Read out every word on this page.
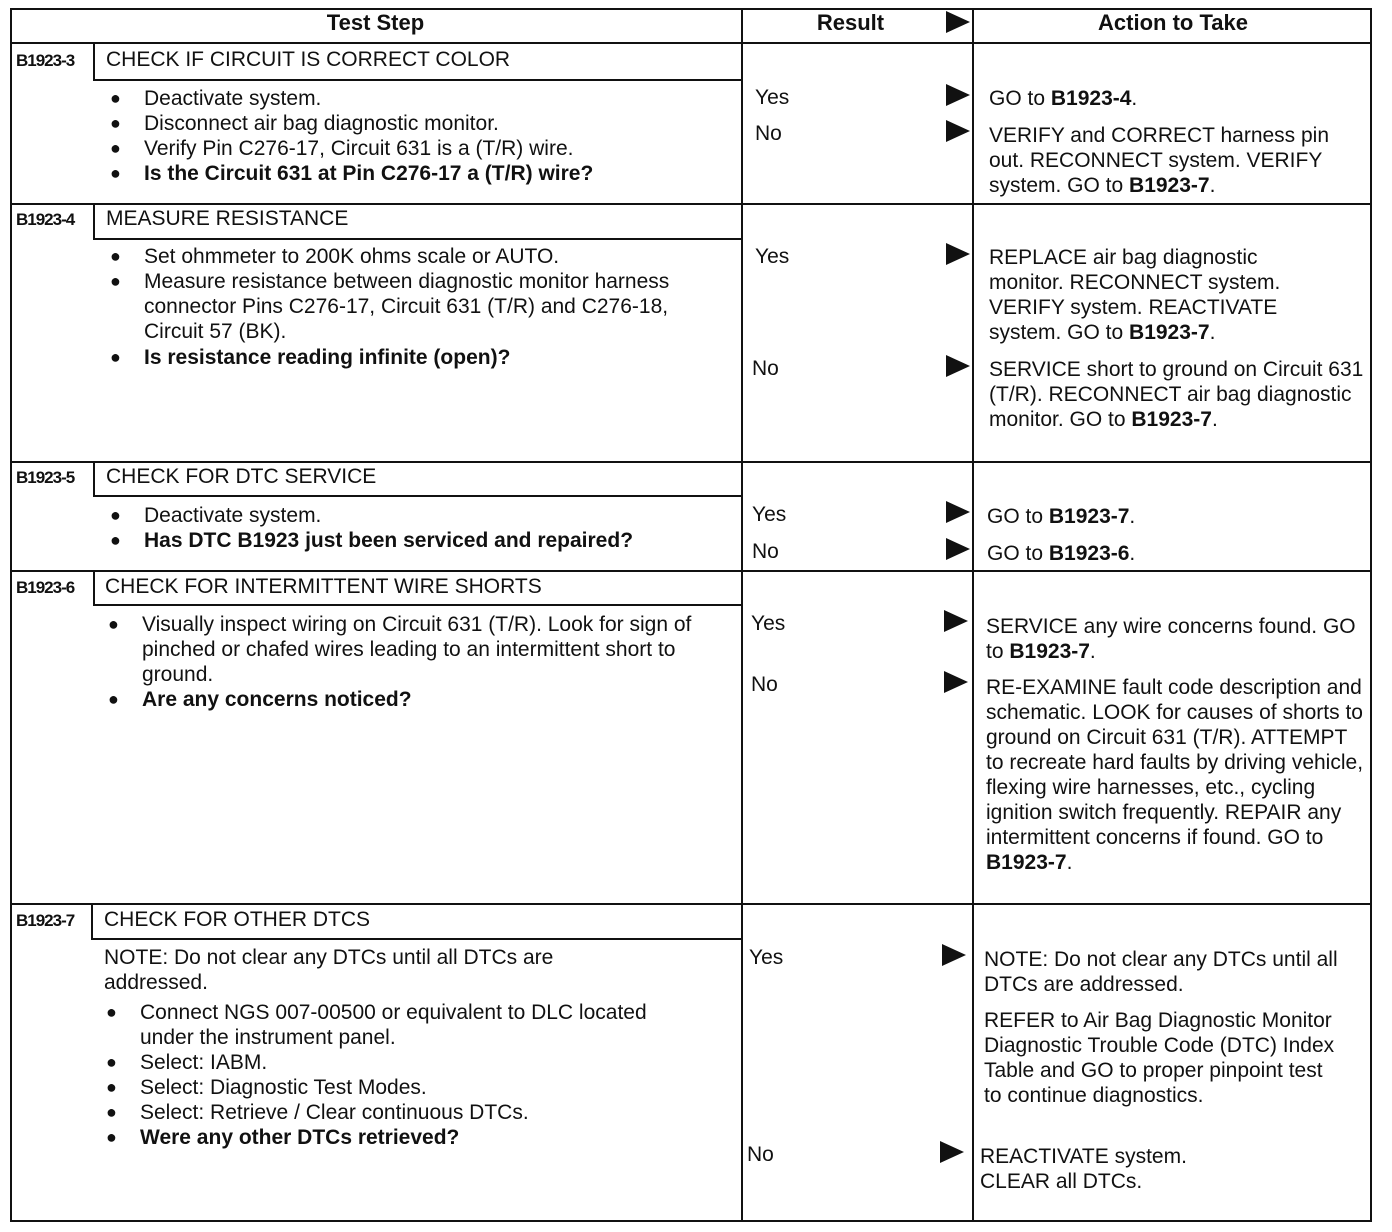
Test Step	Result	Action to Take
B1923-3 CHECK IF CIRCUIT IS CORRECT COLOR
● Deactivate system.
● Disconnect air bag diagnostic monitor.
● Verify Pin C276-17, Circuit 631 is a (T/R) wire.
● Is the Circuit 631 at Pin C276-17 a (T/R) wire?
Yes	GO to B1923-4.
No	VERIFY and CORRECT harness pin out. RECONNECT system. VERIFY system. GO to B1923-7.
B1923-4 MEASURE RESISTANCE
● Set ohmmeter to 200K ohms scale or AUTO.
● Measure resistance between diagnostic monitor harness connector Pins C276-17, Circuit 631 (T/R) and C276-18, Circuit 57 (BK).
● Is resistance reading infinite (open)?
Yes	REPLACE air bag diagnostic monitor. RECONNECT system. VERIFY system. REACTIVATE system. GO to B1923-7.
No	SERVICE short to ground on Circuit 631 (T/R). RECONNECT air bag diagnostic monitor. GO to B1923-7.
B1923-5 CHECK FOR DTC SERVICE
● Deactivate system.
● Has DTC B1923 just been serviced and repaired?
Yes	GO to B1923-7.
No	GO to B1923-6.
B1923-6 CHECK FOR INTERMITTENT WIRE SHORTS
● Visually inspect wiring on Circuit 631 (T/R). Look for sign of pinched or chafed wires leading to an intermittent short to ground.
● Are any concerns noticed?
Yes	SERVICE any wire concerns found. GO to B1923-7.
No	RE-EXAMINE fault code description and schematic. LOOK for causes of shorts to ground on Circuit 631 (T/R). ATTEMPT to recreate hard faults by driving vehicle, flexing wire harnesses, etc., cycling ignition switch frequently. REPAIR any intermittent concerns if found. GO to B1923-7.
B1923-7 CHECK FOR OTHER DTCS
NOTE: Do not clear any DTCs until all DTCs are addressed.
● Connect NGS 007-00500 or equivalent to DLC located under the instrument panel.
● Select: IABM.
● Select: Diagnostic Test Modes.
● Select: Retrieve / Clear continuous DTCs.
● Were any other DTCs retrieved?
Yes	NOTE: Do not clear any DTCs until all DTCs are addressed.
REFER to Air Bag Diagnostic Monitor Diagnostic Trouble Code (DTC) Index Table and GO to proper pinpoint test to continue diagnostics.
No	REACTIVATE system. CLEAR all DTCs.
